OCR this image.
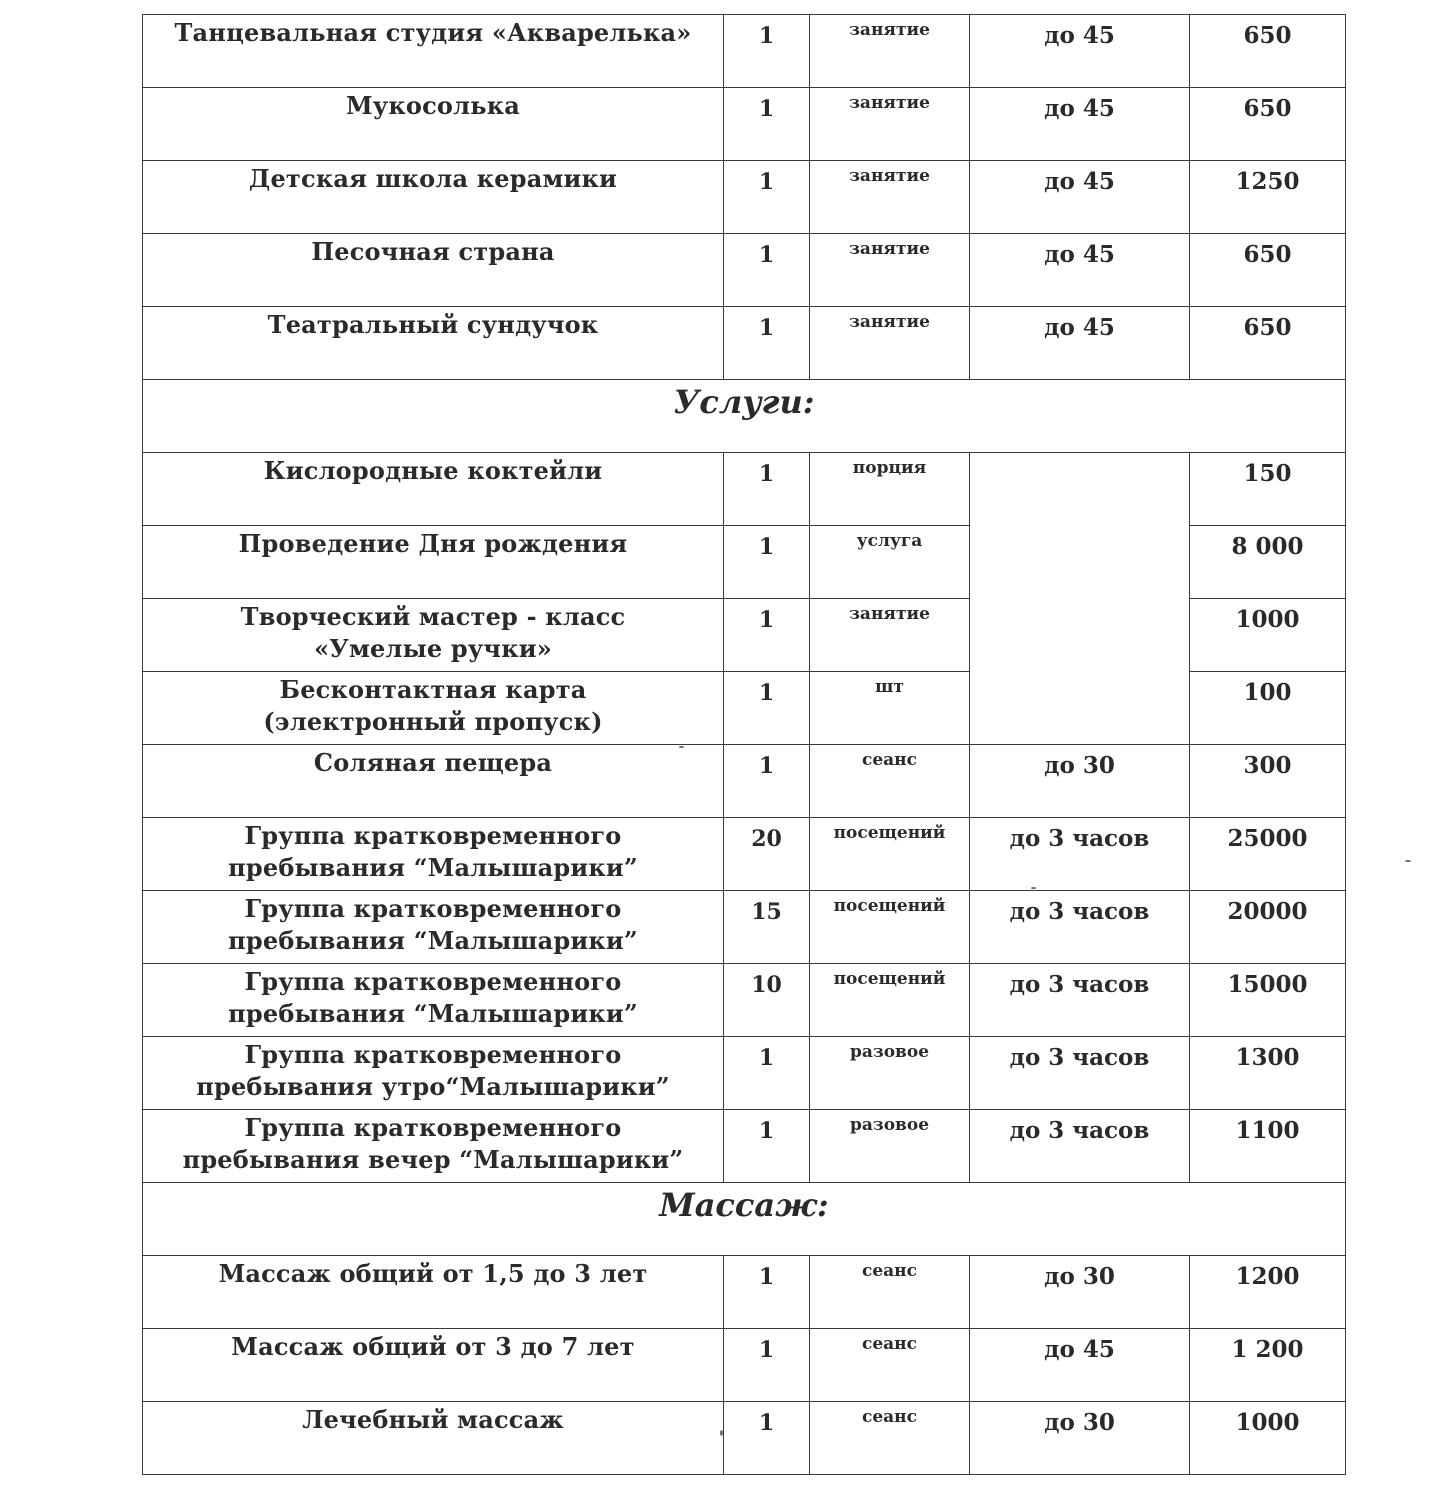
Танцевальная студия «Акварелька»	1	занятие	до 45	650
Мукосолька	1	занятие	до 45	650
Детская школа керамики	1	занятие	до 45	1250
Песочная страна	1	занятие	до 45	650
Театральный сундучок	1	занятие	до 45	650
Услуги:				
Кислородные коктейли	1	порция		150
Проведение Дня рождения	1	услуга		8 000
Творческий мастер - класс
«Умелые ручки»	1	занятие		1000
Бесконтактная карта
(электронный пропуск)	1	шт		100
Соляная пещера	1	сеанс	до 30	300
Группа кратковременного
пребывания “Малышарики”	20	посещений	до 3 часов	25000
Группа кратковременного
пребывания “Малышарики”	15	посещений	до 3 часов	20000
Группа кратковременного
пребывания “Малышарики”	10	посещений	до 3 часов	15000
Группа кратковременного
пребывания утро“Малышарики”	1	разовое	до 3 часов	1300
Группа кратковременного
пребывания вечер “Малышарики”	1	разовое	до 3 часов	1100
Массаж:				
Массаж общий от 1,5 до 3 лет	1	сеанс	до 30	1200
Массаж общий от 3 до 7 лет	1	сеанс	до 45	1 200
Лечебный массаж	1	сеанс	до 30	1000
